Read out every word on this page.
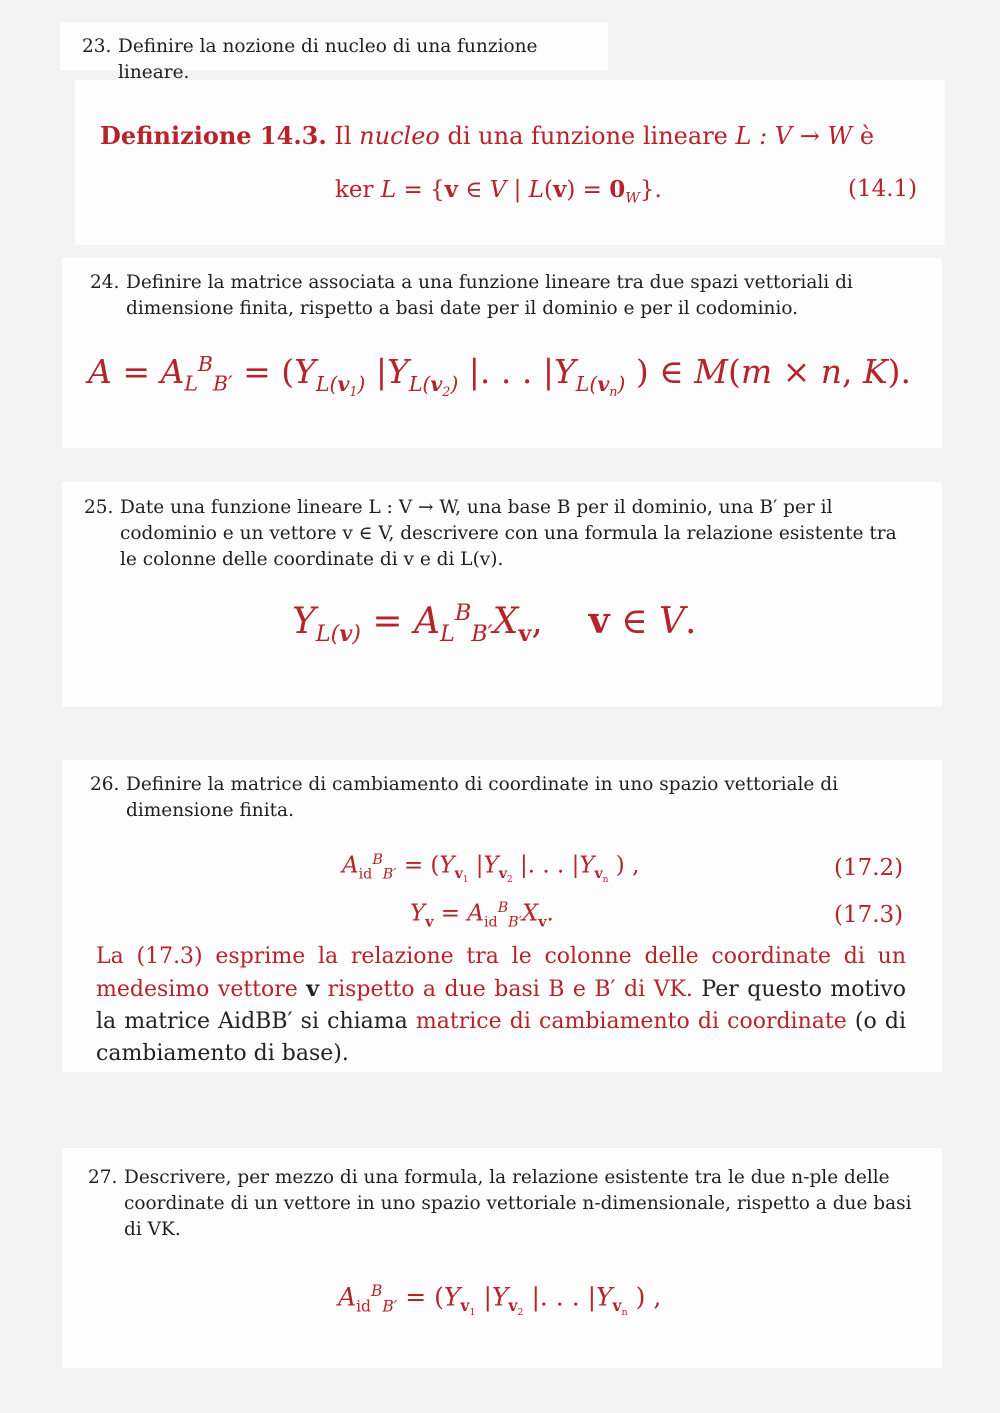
23. Definire la nozione di nucleo di una funzione lineare.
Definizione 14.3. Il nucleo di una funzione lineare L : V → W è
ker L = {v ∈ V | $L(v) = 0_W$}.	(14.1)
24. Definire la matrice associata a una funzione lineare tra due spazi vettoriali di dimensione finita, rispetto a basi date per il dominio e per il codominio.
$A = A_L^B_{B'} = (Y_{L(v_1)}$ $|Y_{L(v_2)}$ |. . . $|Y_{L(v_n)}$ ) ∈ M(m × n, K).
25. Date una funzione lineare L : V → W, una base B per il dominio, una B′ per il codominio e un vettore v ∈ V, descrivere con una formula la relazione esistente tra le colonne delle coordinate di v e di L(v).
$Y_{L(v)} = A_L^B_{B'}X_v$,    v ∈ V.
26. Definire la matrice di cambiamento di coordinate in uno spazio vettoriale di dimensione finita.
$A_{id}^B_{B'} = (Y_{v_1}$ $|Y_{v_2}$ |. . . $|Y_{v_n}$ ) ,	(17.2)
$Y_v = A_{id}^B_{B'}X_v$.	(17.3)
La (17.3) esprime la relazione tra le colonne delle coordinate di un medesimo vettore v rispetto a due basi B e B′ di VK. Per questo motivo la matrice AidBB′ si chiama matrice di cambiamento di coordinate (o di cambiamento di base).
27. Descrivere, per mezzo di una formula, la relazione esistente tra le due n-ple delle coordinate di un vettore in uno spazio vettoriale n-dimensionale, rispetto a due basi di VK.
$A_{id}^B_{B'} = (Y_{v_1}$ $|Y_{v_2}$ |. . . $|Y_{v_n}$ ) ,
